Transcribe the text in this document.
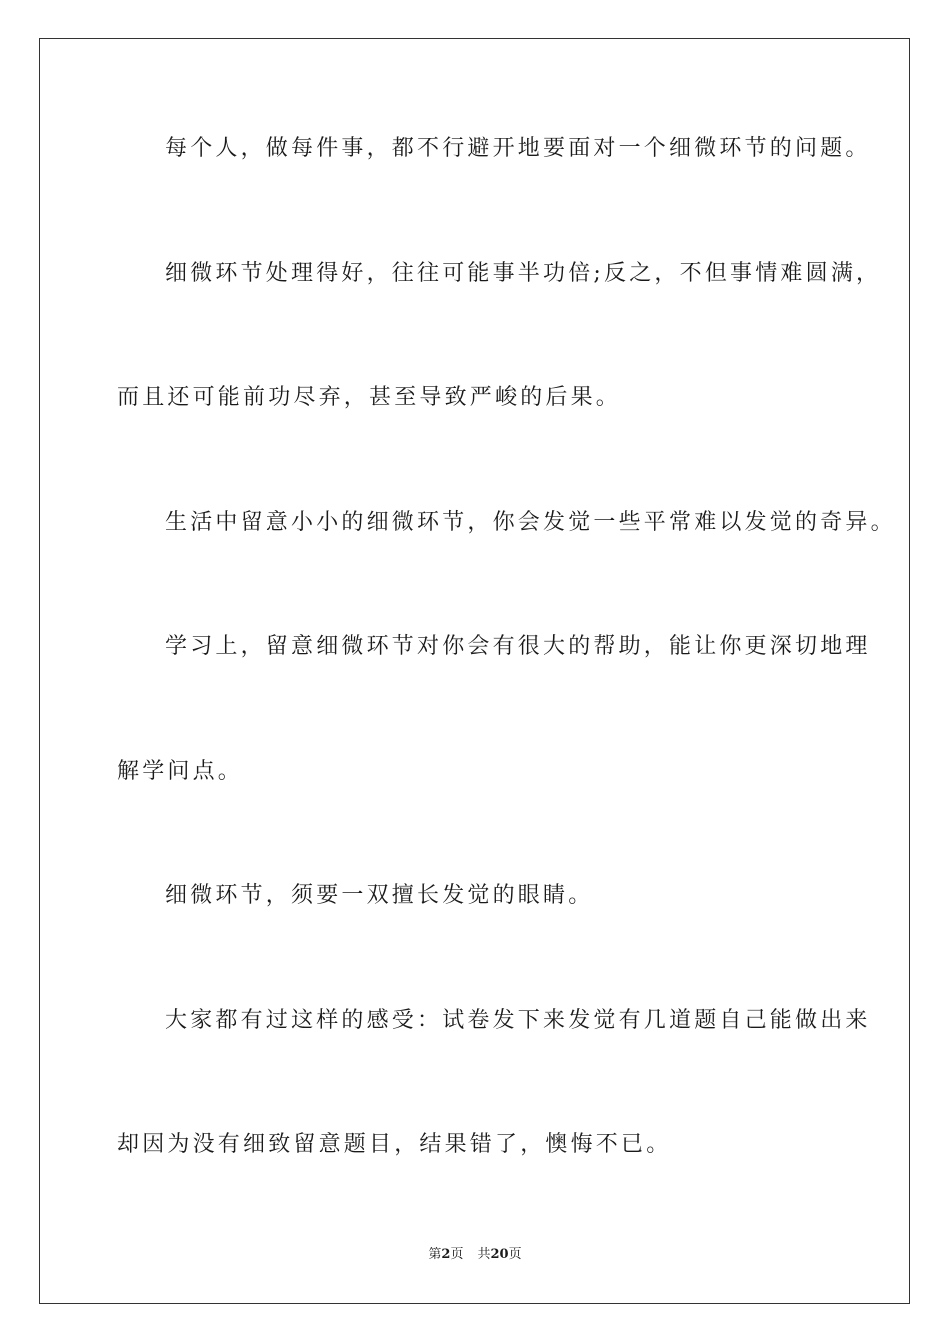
每个人，做每件事，都不行避开地要面对一个细微环节的问题。
细微环节处理得好，往往可能事半功倍;反之，不但事情难圆满，
而且还可能前功尽弃，甚至导致严峻的后果。
生活中留意小小的细微环节，你会发觉一些平常难以发觉的奇异。
学习上，留意细微环节对你会有很大的帮助，能让你更深切地理
解学问点。
细微环节，须要一双擅长发觉的眼睛。
大家都有过这样的感受：试卷发下来发觉有几道题自己能做出来
却因为没有细致留意题目，结果错了，懊悔不已。
第2页 共20页
